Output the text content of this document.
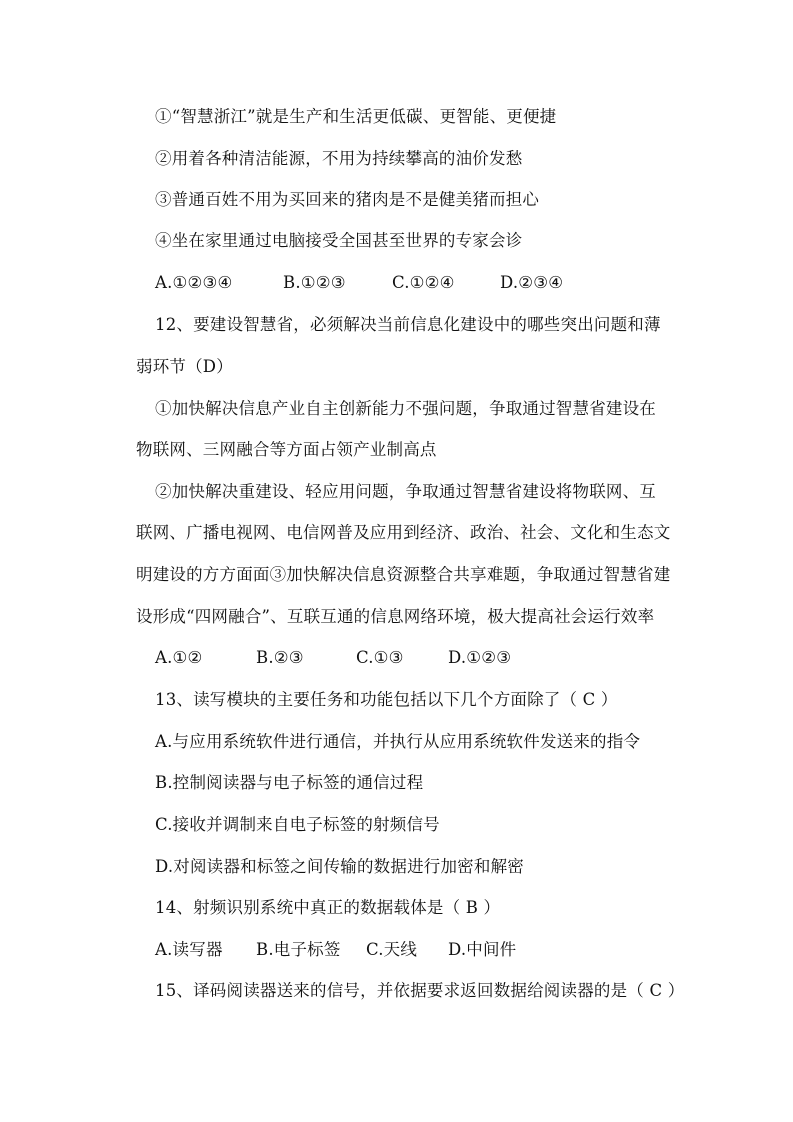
①“智慧浙江”就是生产和生活更低碳、更智能、更便捷
②用着各种清洁能源，不用为持续攀高的油价发愁
③普通百姓不用为买回来的猪肉是不是健美猪而担心
④坐在家里通过电脑接受全国甚至世界的专家会诊
A.①②③④	B.①②③	C.①②④	D.②③④
12、要建设智慧省，必须解决当前信息化建设中的哪些突出问题和薄
弱环节（D）
①加快解决信息产业自主创新能力不强问题，争取通过智慧省建设在
物联网、三网融合等方面占领产业制高点
②加快解决重建设、轻应用问题，争取通过智慧省建设将物联网、互
联网、广播电视网、电信网普及应用到经济、政治、社会、文化和生态文
明建设的方方面面③加快解决信息资源整合共享难题，争取通过智慧省建
设形成“四网融合”、互联互通的信息网络环境，极大提高社会运行效率
A.①②	B.②③	C.①③	D.①②③
13、读写模块的主要任务和功能包括以下几个方面除了（ C ）
A.与应用系统软件进行通信，并执行从应用系统软件发送来的指令
B.控制阅读器与电子标签的通信过程
C.接收并调制来自电子标签的射频信号
D.对阅读器和标签之间传输的数据进行加密和解密
14、射频识别系统中真正的数据载体是（ B ）
A.读写器 B.电子标签 C.天线 D.中间件
15、译码阅读器送来的信号，并依据要求返回数据给阅读器的是（ C ）
